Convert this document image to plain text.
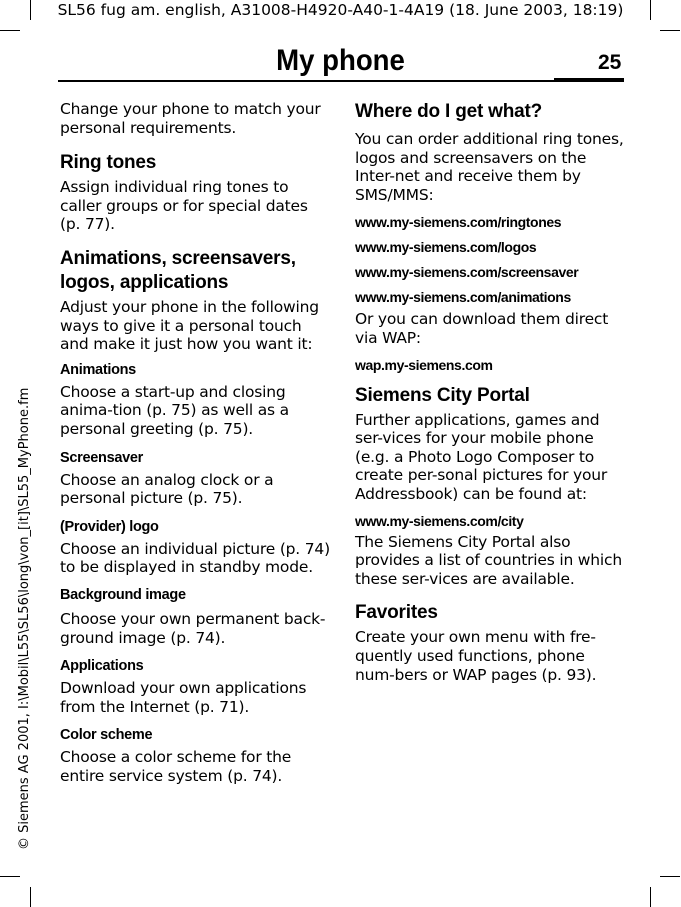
SL56 fug am. english, A31008-H4920-A40-1-4A19 (18. June 2003, 18:19)
My phone	25
© Siemens AG 2001, I:\Mobil\L55\SL56\long\von_[it]\SL55_MyPhone.fm

Change your phone to match your personal requirements.

Ring tones

Assign individual ring tones to caller groups or for special dates (p. 77).

Animations, screensavers,
logos, applications

Adjust your phone in the following ways to give it a personal touch and make it just how you want it:

Animations

Choose a start-up and closing anima-tion (p. 75) as well as a personal greeting (p. 75).

Screensaver

Choose an analog clock or a personal picture (p. 75).

(Provider) logo

Choose an individual picture (p. 74) to be displayed in standby mode.

Background image

Choose your own permanent back-ground image (p. 74).

Applications

Download your own applications from the Internet (p. 71).

Color scheme

Choose a color scheme for the entire service system (p. 74).

Where do I get what?

You can order additional ring tones, logos and screensavers on the Inter-net and receive them by SMS/MMS:

www.my-siemens.com/ringtones
www.my-siemens.com/logos
www.my-siemens.com/screensaver
www.my-siemens.com/animations

Or you can download them direct via WAP:

wap.my-siemens.com
Siemens City Portal

Further applications, games and ser-vices for your mobile phone (e.g. a Photo Logo Composer to create per-sonal pictures for your Addressbook) can be found at:

www.my-siemens.com/city

The Siemens City Portal also provides a list of countries in which these ser-vices are available.

Favorites

Create your own menu with fre-quently used functions, phone num-bers or WAP pages (p. 93).
